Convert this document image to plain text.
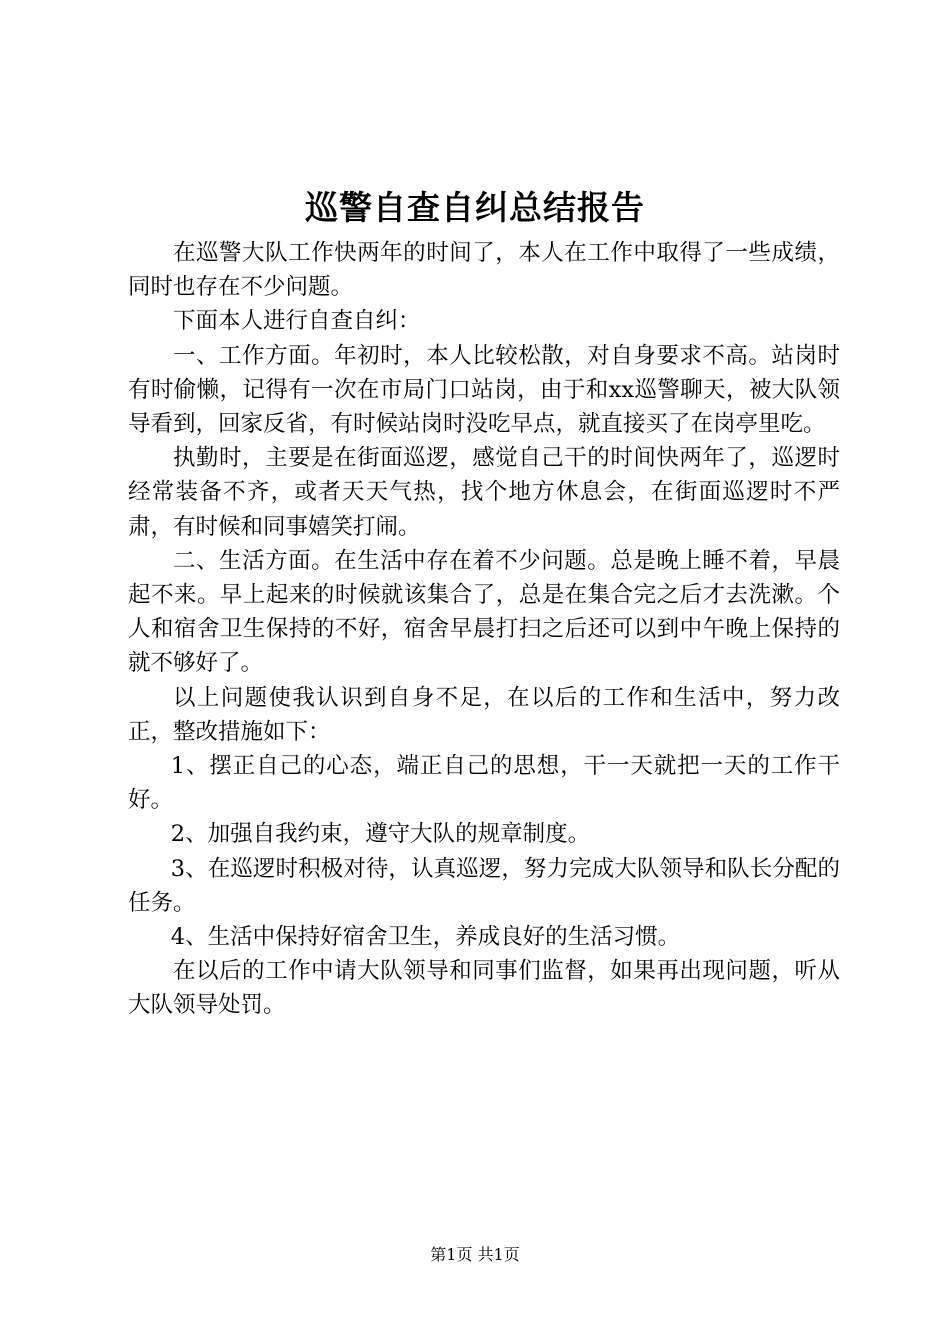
巡警自查自纠总结报告

在巡警大队工作快两年的时间了，本人在工作中取得了一些成绩，同时也存在不少问题。

下面本人进行自查自纠：

一、工作方面。年初时，本人比较松散，对自身要求不高。站岗时有时偷懒，记得有一次在市局门口站岗，由于和xx巡警聊天，被大队领导看到，回家反省，有时候站岗时没吃早点，就直接买了在岗亭里吃。

执勤时，主要是在街面巡逻，感觉自己干的时间快两年了，巡逻时经常装备不齐，或者天天气热，找个地方休息会，在街面巡逻时不严肃，有时候和同事嬉笑打闹。

二、生活方面。在生活中存在着不少问题。总是晚上睡不着，早晨起不来。早上起来的时候就该集合了，总是在集合完之后才去洗漱。个人和宿舍卫生保持的不好，宿舍早晨打扫之后还可以到中午晚上保持的就不够好了。

以上问题使我认识到自身不足，在以后的工作和生活中，努力改正，整改措施如下：

1、摆正自己的心态，端正自己的思想，干一天就把一天的工作干好。

2、加强自我约束，遵守大队的规章制度。

3、在巡逻时积极对待，认真巡逻，努力完成大队领导和队长分配的任务。

4、生活中保持好宿舍卫生，养成良好的生活习惯。

在以后的工作中请大队领导和同事们监督，如果再出现问题，听从大队领导处罚。

第1页 共1页
